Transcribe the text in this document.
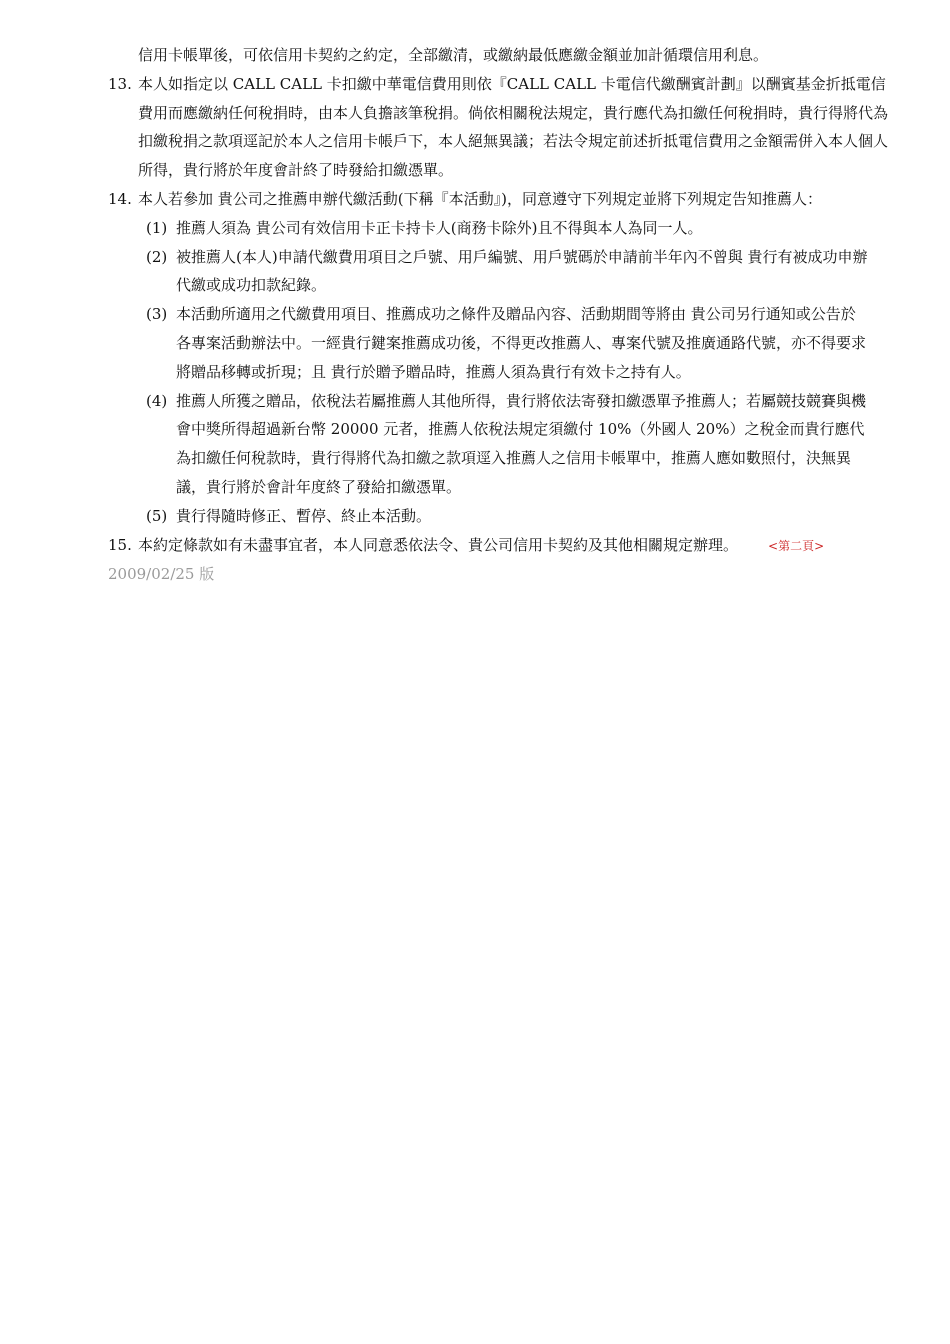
信用卡帳單後，可依信用卡契約之約定，全部繳清，或繳納最低應繳金額並加計循環信用利息。
13. 本人如指定以 CALL CALL 卡扣繳中華電信費用則依『CALL CALL 卡電信代繳酬賓計劃』以酬賓基金折抵電信費用而應繳納任何稅捐時，由本人負擔該筆稅捐。倘依相關稅法規定，貴行應代為扣繳任何稅捐時，貴行得將代為扣繳稅捐之款項逕記於本人之信用卡帳戶下，本人絕無異議；若法令規定前述折抵電信費用之金額需併入本人個人所得，貴行將於年度會計終了時發給扣繳憑單。
14. 本人若參加 貴公司之推薦申辦代繳活動(下稱『本活動』)，同意遵守下列規定並將下列規定告知推薦人：
(1) 推薦人須為 貴公司有效信用卡正卡持卡人(商務卡除外)且不得與本人為同一人。
(2) 被推薦人(本人)申請代繳費用項目之戶號、用戶編號、用戶號碼於申請前半年內不曾與 貴行有被成功申辦代繳或成功扣款紀錄。
(3) 本活動所適用之代繳費用項目、推薦成功之條件及贈品內容、活動期間等將由 貴公司另行通知或公告於各專案活動辦法中。一經貴行鍵案推薦成功後，不得更改推薦人、專案代號及推廣通路代號，亦不得要求將贈品移轉或折現；且 貴行於贈予贈品時，推薦人須為貴行有效卡之持有人。
(4) 推薦人所獲之贈品，依稅法若屬推薦人其他所得，貴行將依法寄發扣繳憑單予推薦人；若屬競技競賽與機會中獎所得超過新台幣 20000 元者，推薦人依稅法規定須繳付 10%（外國人 20%）之稅金而貴行應代為扣繳任何稅款時，貴行得將代為扣繳之款項逕入推薦人之信用卡帳單中，推薦人應如數照付，決無異議，貴行將於會計年度終了發給扣繳憑單。
(5) 貴行得隨時修正、暫停、終止本活動。
15. 本約定條款如有未盡事宜者，本人同意悉依法令、貴公司信用卡契約及其他相關規定辦理。	<第二頁>
2009/02/25 版
